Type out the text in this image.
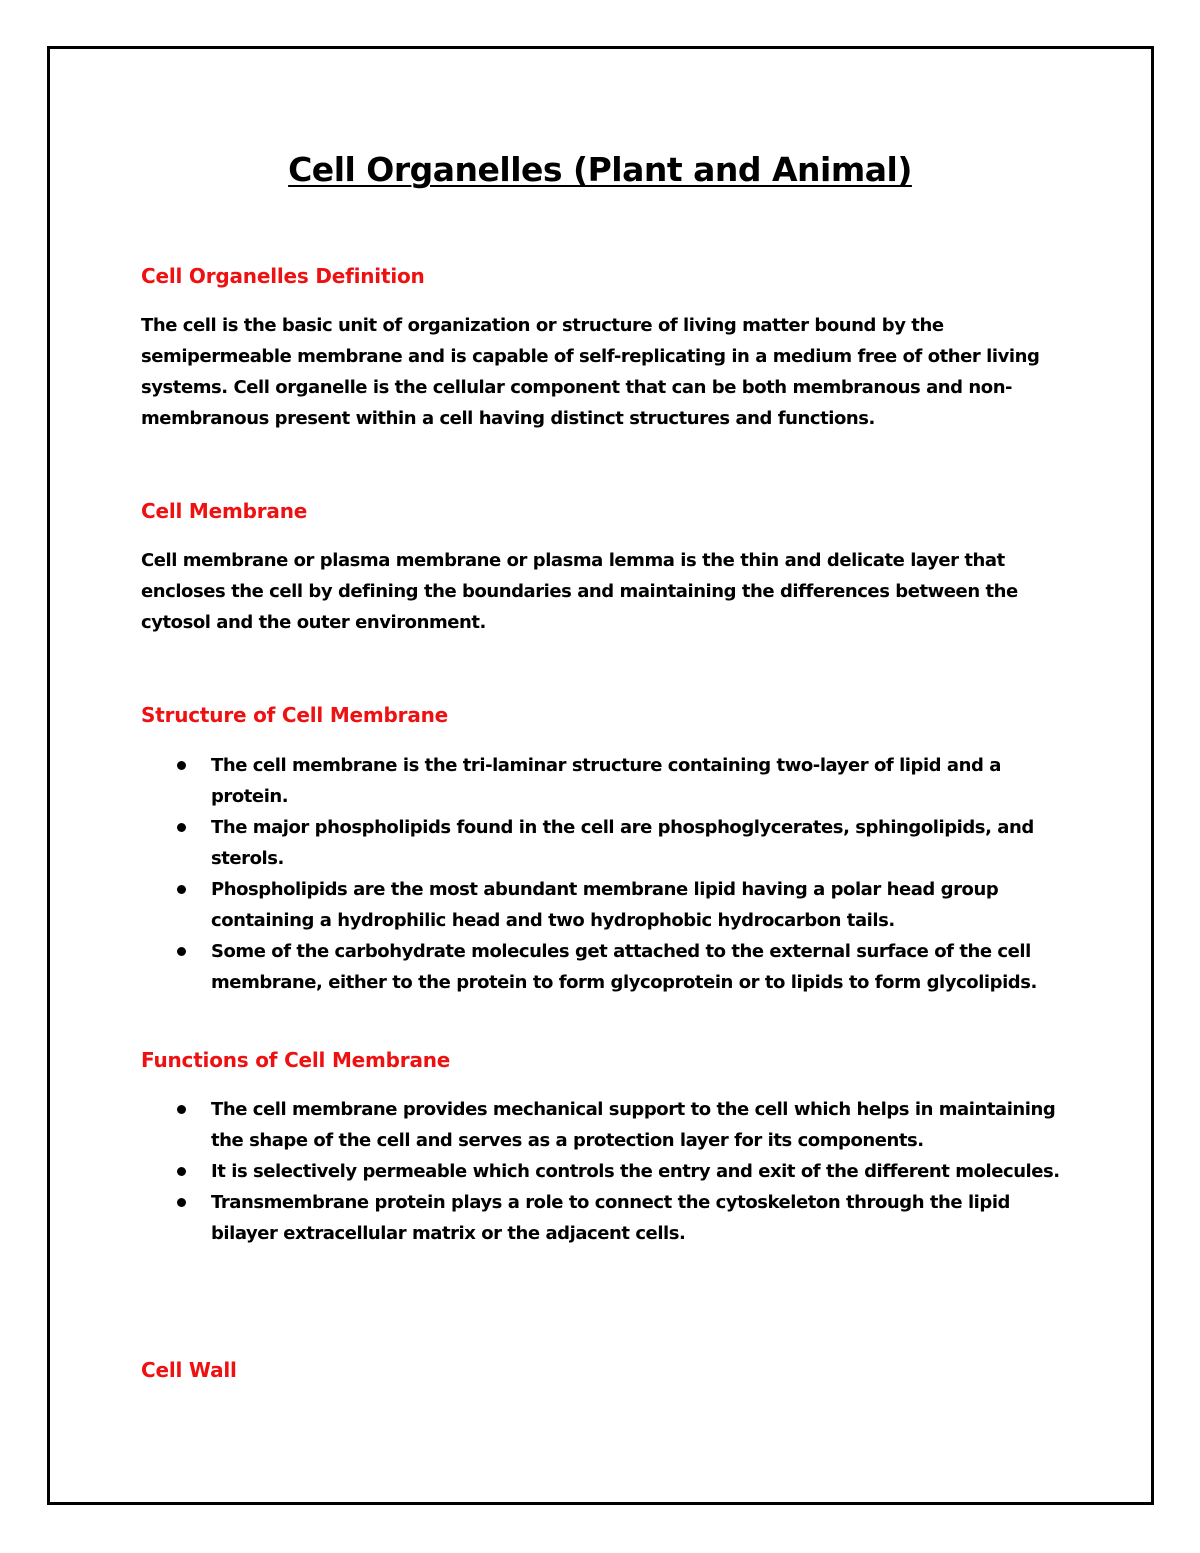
Cell Organelles (Plant and Animal)
Cell Organelles Definition

The cell is the basic unit of organization or structure of living matter bound by the semipermeable membrane and is capable of self-replicating in a medium free of other living systems. Cell organelle is the cellular component that can be both membranous and non-membranous present within a cell having distinct structures and functions.

Cell Membrane

Cell membrane or plasma membrane or plasma lemma is the thin and delicate layer that encloses the cell by defining the boundaries and maintaining the differences between the cytosol and the outer environment.

Structure of Cell Membrane
The cell membrane is the tri-laminar structure containing two-layer of lipid and a protein.
The major phospholipids found in the cell are phosphoglycerates, sphingolipids, and sterols.
Phospholipids are the most abundant membrane lipid having a polar head group containing a hydrophilic head and two hydrophobic hydrocarbon tails.
Some of the carbohydrate molecules get attached to the external surface of the cell membrane, either to the protein to form glycoprotein or to lipids to form glycolipids.
Functions of Cell Membrane
The cell membrane provides mechanical support to the cell which helps in maintaining the shape of the cell and serves as a protection layer for its components.
It is selectively permeable which controls the entry and exit of the different molecules.
Transmembrane protein plays a role to connect the cytoskeleton through the lipid bilayer extracellular matrix or the adjacent cells.
Cell Wall
